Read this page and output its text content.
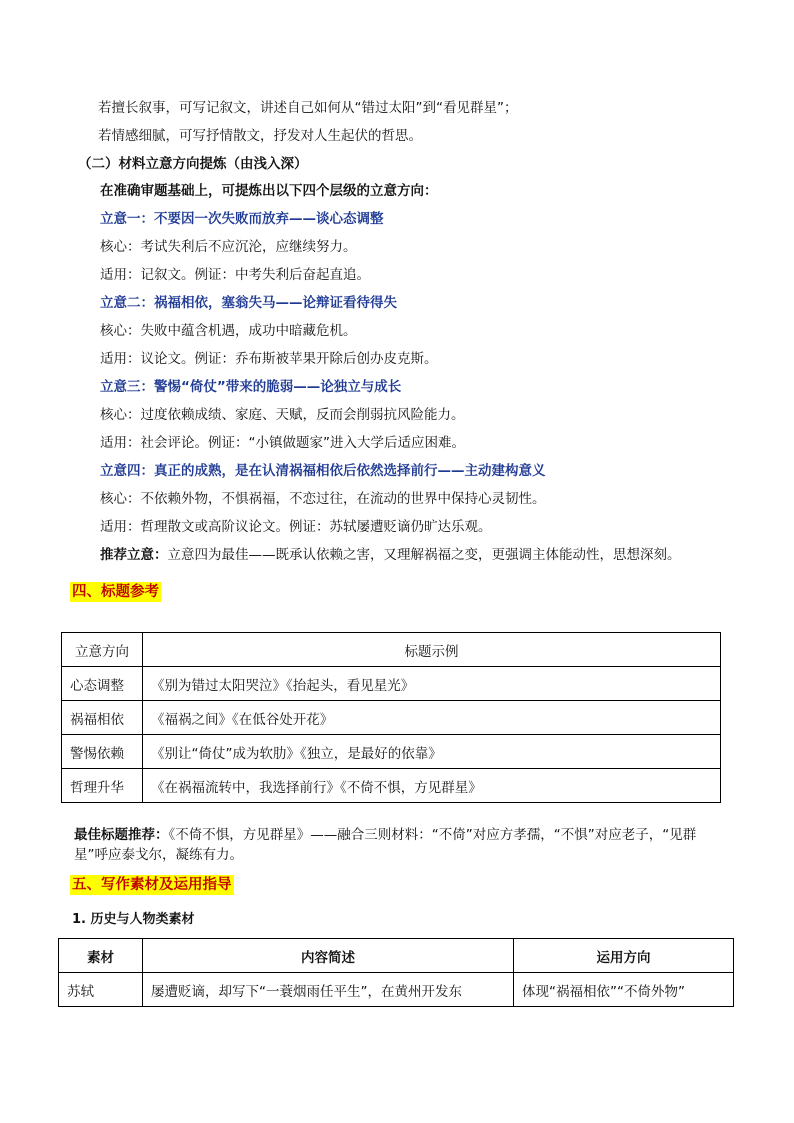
若擅长叙事，可写记叙文，讲述自己如何从“错过太阳”到“看见群星”；
若情感细腻，可写抒情散文，抒发对人生起伏的哲思。
（二）材料立意方向提炼（由浅入深）
在准确审题基础上，可提炼出以下四个层级的立意方向：
立意一：不要因一次失败而放弃——谈心态调整
核心：考试失利后不应沉沦，应继续努力。
适用：记叙文。例证：中考失利后奋起直追。
立意二：祸福相依，塞翁失马——论辩证看待得失
核心：失败中蕴含机遇，成功中暗藏危机。
适用：议论文。例证：乔布斯被苹果开除后创办皮克斯。
立意三：警惕“倚仗”带来的脆弱——论独立与成长
核心：过度依赖成绩、家庭、天赋，反而会削弱抗风险能力。
适用：社会评论。例证：“小镇做题家”进入大学后适应困难。
立意四：真正的成熟，是在认清祸福相依后依然选择前行——主动建构意义
核心：不依赖外物，不惧祸福，不恋过往，在流动的世界中保持心灵韧性。
适用：哲理散文或高阶议论文。例证：苏轼屡遭贬谪仍旷达乐观。
推荐立意：立意四为最佳——既承认依赖之害，又理解祸福之变，更强调主体能动性，思想深刻。
四、标题参考
立意方向	标题示例
心态调整	《别为错过太阳哭泣》《抬起头，看见星光》
祸福相依	《福祸之间》《在低谷处开花》
警惕依赖	《别让“倚仗”成为软肋》《独立，是最好的依靠》
哲理升华	《在祸福流转中，我选择前行》《不倚不惧，方见群星》
最佳标题推荐：《不倚不惧，方见群星》——融合三则材料：“不倚”对应方孝孺，“不惧”对应老子，“见群星”呼应泰戈尔，凝练有力。
五、写作素材及运用指导
1. 历史与人物类素材
素材	内容简述	运用方向
苏轼	屡遭贬谪，却写下“一蓑烟雨任平生”，在黄州开发东	体现“祸福相依”“不倚外物”
